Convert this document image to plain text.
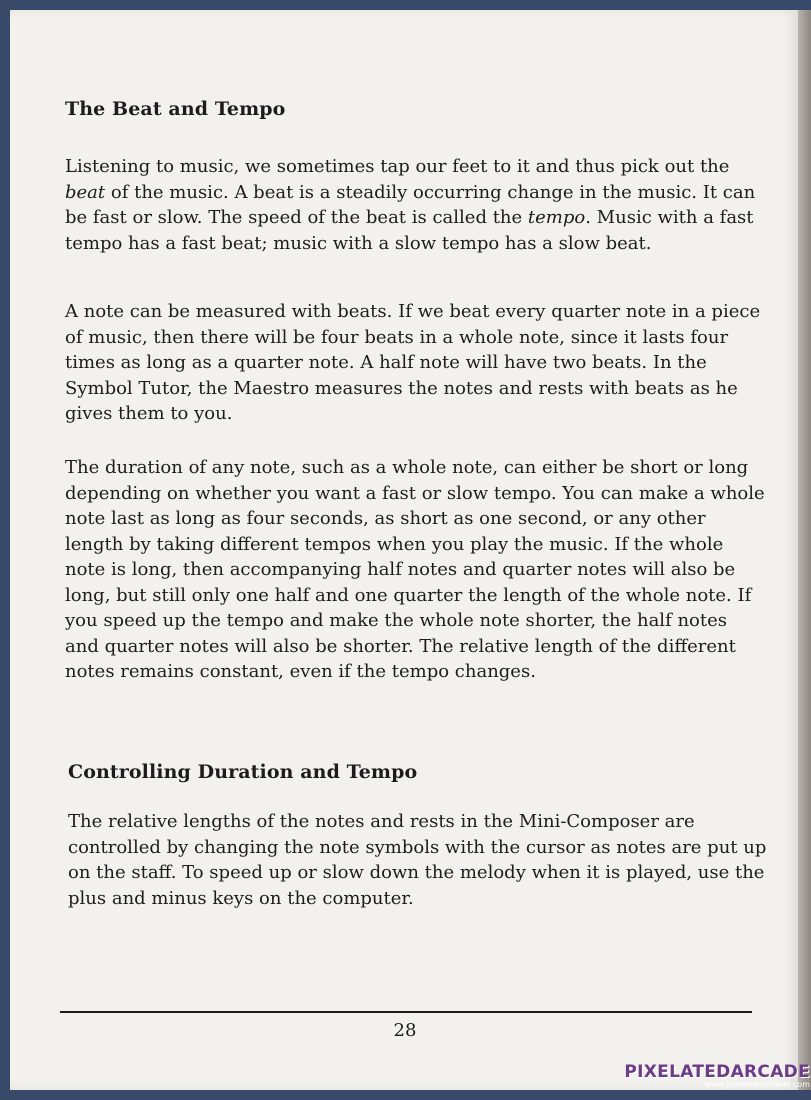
The Beat and Tempo

Listening to music, we sometimes tap our feet to it and thus pick out the beat of the music. A beat is a steadily occurring change in the music. It can be fast or slow. The speed of the beat is called the tempo. Music with a fast tempo has a fast beat; music with a slow tempo has a slow beat.

A note can be measured with beats. If we beat every quarter note in a piece of music, then there will be four beats in a whole note, since it lasts four times as long as a quarter note. A half note will have two beats. In the Symbol Tutor, the Maestro measures the notes and rests with beats as he gives them to you.

The duration of any note, such as a whole note, can either be short or long depending on whether you want a fast or slow tempo. You can make a whole note last as long as four seconds, as short as one second, or any other length by taking different tempos when you play the music. If the whole note is long, then accompanying half notes and quarter notes will also be long, but still only one half and one quarter the length of the whole note. If you speed up the tempo and make the whole note shorter, the half notes and quarter notes will also be shorter. The relative length of the different notes remains constant, even if the tempo changes.

Controlling Duration and Tempo

The relative lengths of the notes and rests in the Mini-Composer are controlled by changing the note symbols with the cursor as notes are put up on the staff. To speed up or slow down the melody when it is played, use the plus and minus keys on the computer.

28
PIXELATEDARCADE
www.pixelatedarcade.com
